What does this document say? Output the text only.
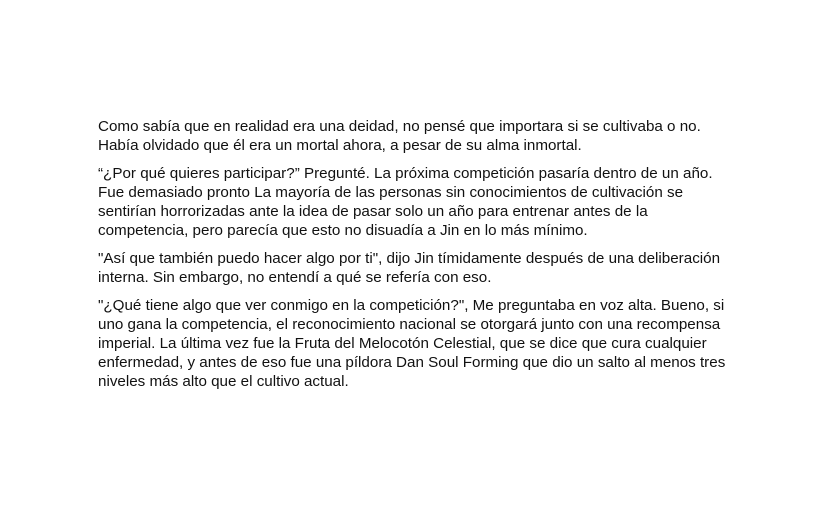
Como sabía que en realidad era una deidad, no pensé que importara si se cultivaba o no. Había olvidado que él era un mortal ahora, a pesar de su alma inmortal.

“¿Por qué quieres participar?” Pregunté. La próxima competición pasaría dentro de un año. Fue demasiado pronto La mayoría de las personas sin conocimientos de cultivación se sentirían horrorizadas ante la idea de pasar solo un año para entrenar antes de la competencia, pero parecía que esto no disuadía a Jin en lo más mínimo.

"Así que también puedo hacer algo por ti", dijo Jin tímidamente después de una deliberación interna. Sin embargo, no entendí a qué se refería con eso.

"¿Qué tiene algo que ver conmigo en la competición?", Me preguntaba en voz alta. Bueno, si uno gana la competencia, el reconocimiento nacional se otorgará junto con una recompensa imperial. La última vez fue la Fruta del Melocotón Celestial, que se dice que cura cualquier enfermedad, y antes de eso fue una píldora Dan Soul Forming que dio un salto al menos tres niveles más alto que el cultivo actual.
